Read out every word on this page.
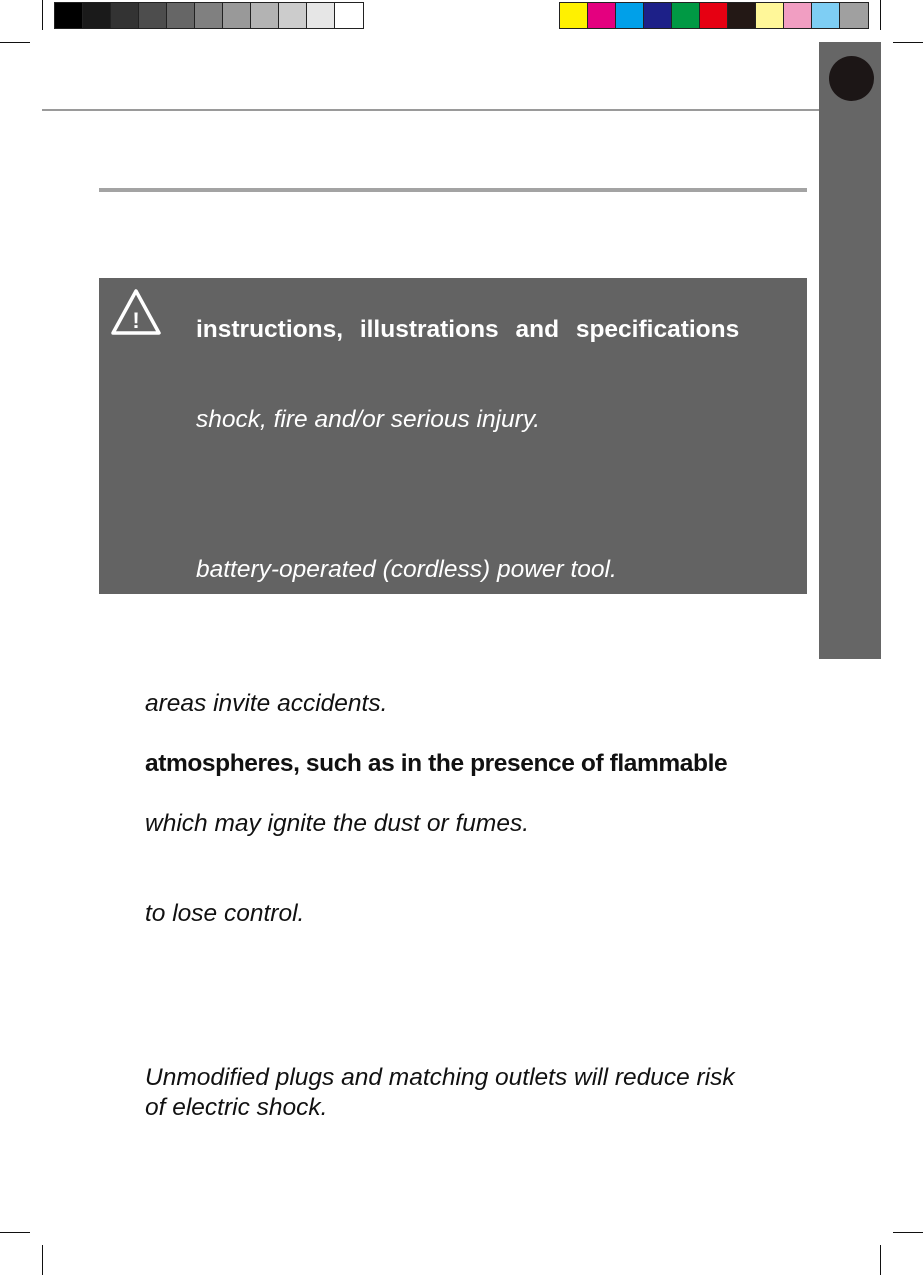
! instructions, illustrations and specifications
shock, fire and/or serious injury.
battery-operated (cordless) power tool.
areas invite accidents.
atmospheres, such as in the presence of flammable
which may ignite the dust or fumes.
to lose control.
Unmodified plugs and matching outlets will reduce risk
of electric shock.
